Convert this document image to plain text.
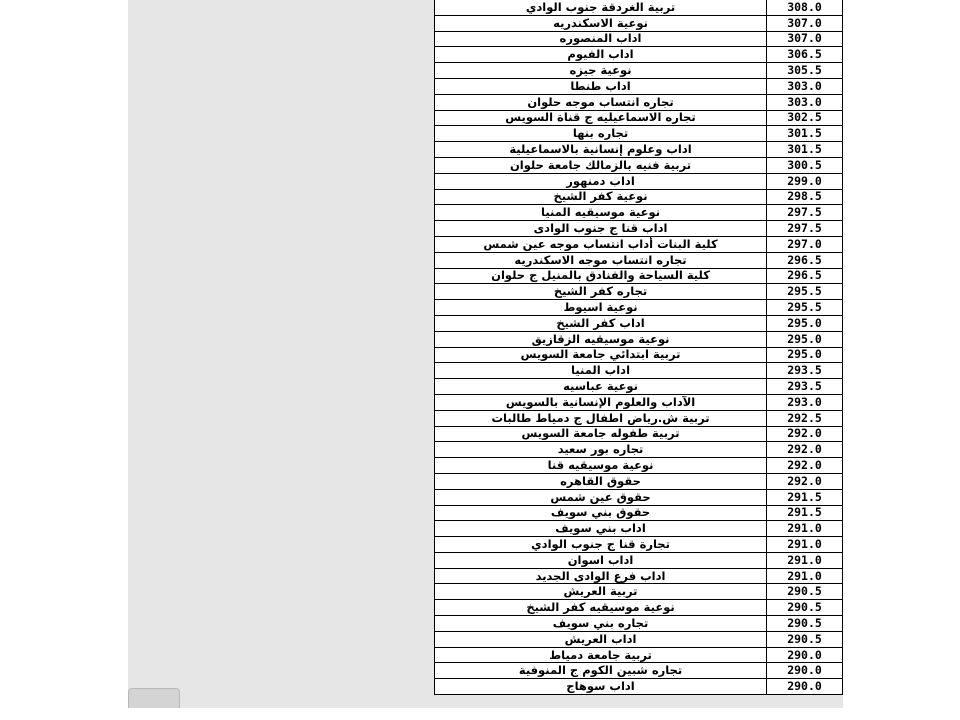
تربية الغردقة جنوب الوادي	308.0
نوعية الاسكندريه	307.0
اداب المنصوره	307.0
اداب الفيوم	306.5
نوعية جيزه	305.5
اداب طنطا	303.0
تجاره انتساب موجه حلوان	303.0
تجاره الاسماعيليه ج قناة السويس	302.5
تجاره بنها	301.5
اداب وعلوم إنسانية بالاسماعيلية	301.5
تربية فنيه بالزمالك جامعة حلوان	300.5
اداب دمنهور	299.0
نوعية كفر الشيخ	298.5
نوعية موسيقيه المنيا	297.5
اداب قنا ج جنوب الوادى	297.5
كلية البنات أداب انتساب موجه عين شمس	297.0
تجاره انتساب موجه الاسكندريه	296.5
كلية السياحة والفنادق بالمنيل ج حلوان	296.5
تجاره كفر الشيخ	295.5
نوعية اسيوط	295.5
اداب كفر الشيخ	295.0
نوعية موسيقيه الزقازيق	295.0
تربية ابتدائي جامعة السويس	295.0
اداب المنيا	293.5
نوعية عباسيه	293.5
الآداب والعلوم الإنسانية بالسويس	293.0
تربية ش.رياض اطفال ج دمياط طالبات	292.5
تربية طفوله جامعة السويس	292.0
تجاره بور سعيد	292.0
نوعية موسيقيه قنا	292.0
حقوق القاهره	292.0
حقوق عين شمس	291.5
حقوق بني سويف	291.5
اداب بني سويف	291.0
تجارة قنا ج جنوب الوادي	291.0
اداب اسوان	291.0
اداب فرع الوادى الجديد	291.0
تربية العريش	290.5
نوعية موسيقيه كفر الشيخ	290.5
تجاره بني سويف	290.5
اداب العريش	290.5
تربية جامعة دمياط	290.0
تجاره شبين الكوم ج المنوفية	290.0
اداب سوهاج	290.0
